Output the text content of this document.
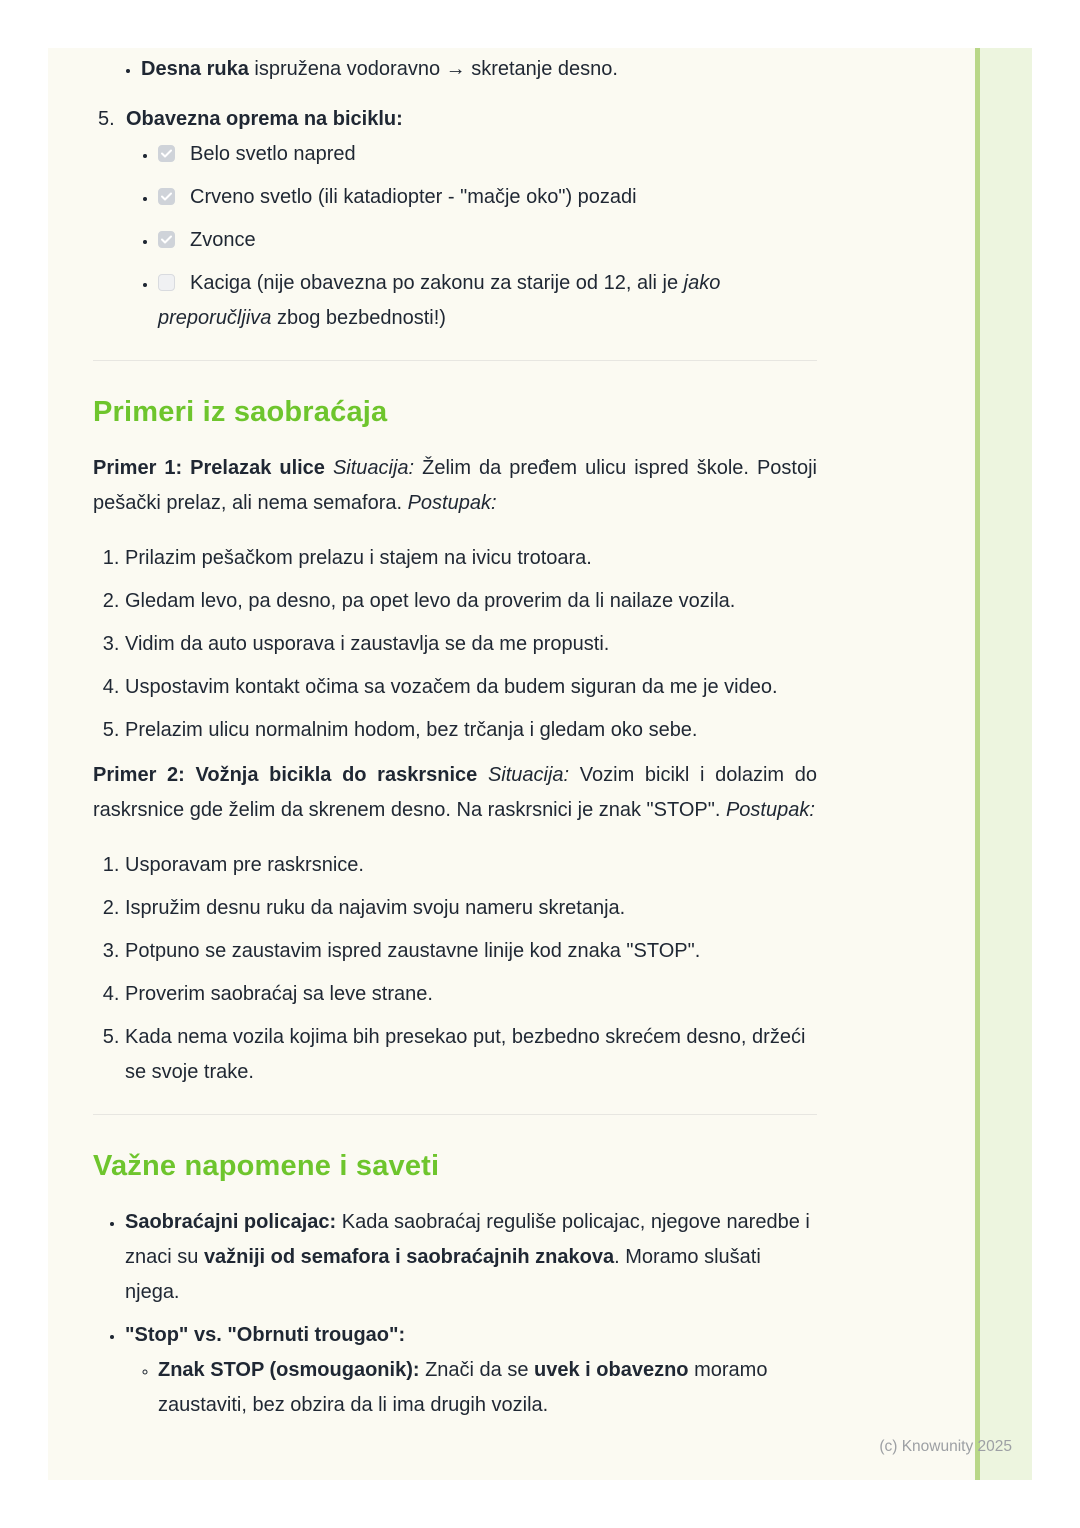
• Desna ruka ispružena vodoravno → skretanje desno.
5. Obavezna oprema na biciklu:
• Belo svetlo napred
• Crveno svetlo (ili katadiopter - "mačje oko") pozadi
• Zvonce
• Kaciga (nije obavezna po zakonu za starije od 12, ali je jako preporučljiva zbog bezbednosti!)
Primeri iz saobraćaja

Primer 1: Prelazak ulice Situacija: Želim da pređem ulicu ispred škole. Postoji pešački prelaz, ali nema semafora. Postupak:

1. Prilazim pešačkom prelazu i stajem na ivicu trotoara.
2. Gledam levo, pa desno, pa opet levo da proverim da li nailaze vozila.
3. Vidim da auto usporava i zaustavlja se da me propusti.
4. Uspostavim kontakt očima sa vozačem da budem siguran da me je video.
5. Prelazim ulicu normalnim hodom, bez trčanja i gledam oko sebe.

Primer 2: Vožnja bicikla do raskrsnice Situacija: Vozim bicikl i dolazim do raskrsnice gde želim da skrenem desno. Na raskrsnici je znak "STOP". Postupak:

1. Usporavam pre raskrsnice.
2. Ispružim desnu ruku da najavim svoju nameru skretanja.
3. Potpuno se zaustavim ispred zaustavne linije kod znaka "STOP".
4. Proverim saobraćaj sa leve strane.
5. Kada nema vozila kojima bih presekao put, bezbedno skrećem desno, držeći se svoje trake.
Važne napomene i saveti
• Saobraćajni policajac: Kada saobraćaj reguliše policajac, njegove naredbe i znaci su važniji od semafora i saobraćajnih znakova. Moramo slušati njega.
• "Stop" vs. "Obrnuti trougao":
◦ Znak STOP (osmougaonik): Znači da se uvek i obavezno moramo zaustaviti, bez obzira da li ima drugih vozila.
(c) Knowunity 2025
